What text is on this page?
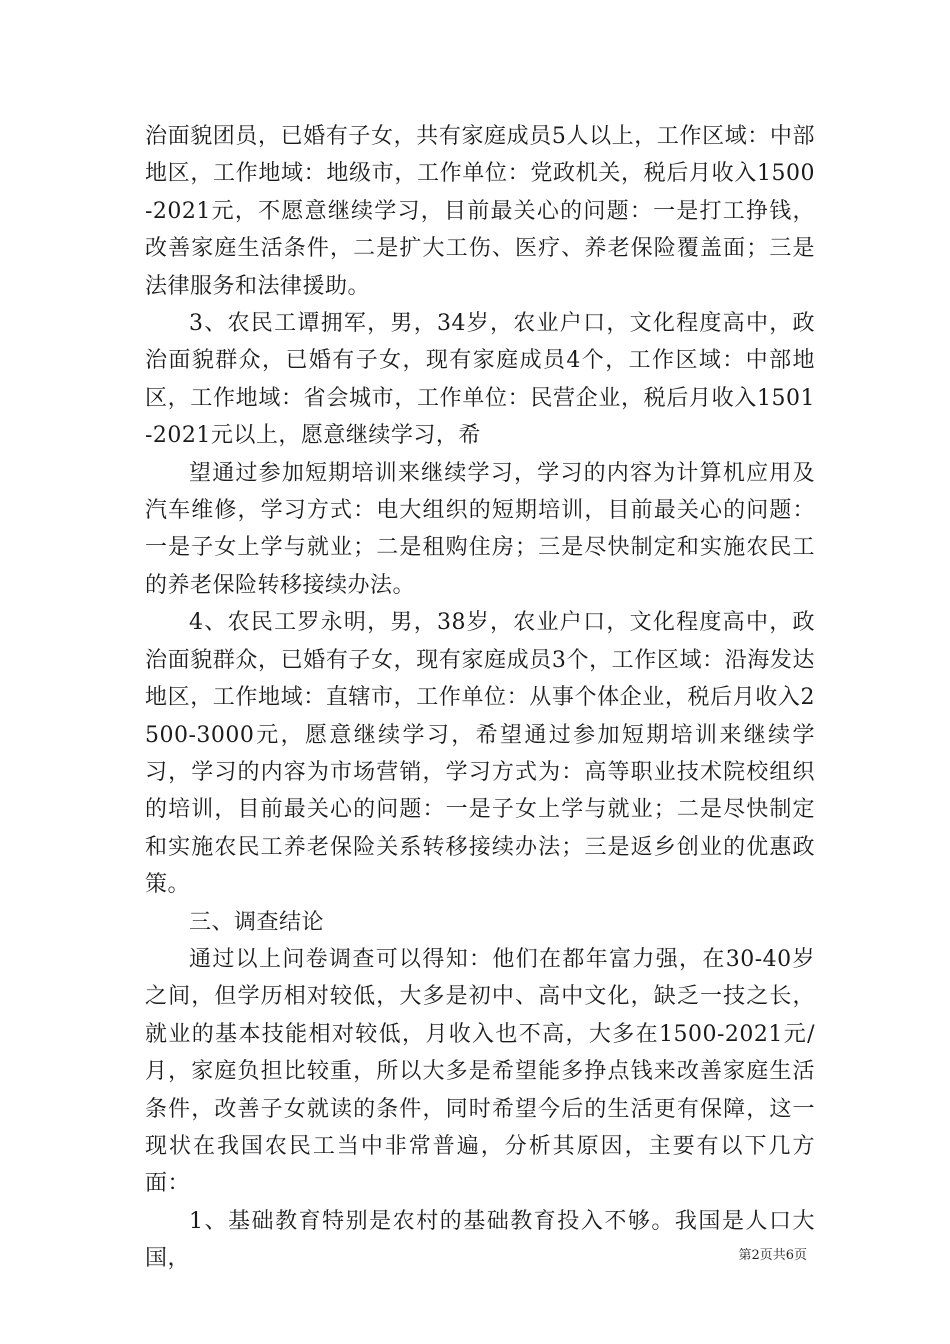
治面貌团员，已婚有子女，共有家庭成员5人以上，工作区域：中部地区，工作地域：地级市，工作单位：党政机关，税后月收入1500-2021元，不愿意继续学习，目前最关心的问题：一是打工挣钱，改善家庭生活条件，二是扩大工伤、医疗、养老保险覆盖面；三是法律服务和法律援助。

3、农民工谭拥军，男，34岁，农业户口，文化程度高中，政治面貌群众，已婚有子女，现有家庭成员4个，工作区域：中部地区，工作地域：省会城市，工作单位：民营企业，税后月收入1501-2021元以上，愿意继续学习，希

望通过参加短期培训来继续学习，学习的内容为计算机应用及汽车维修，学习方式：电大组织的短期培训，目前最关心的问题：一是子女上学与就业；二是租购住房；三是尽快制定和实施农民工的养老保险转移接续办法。

4、农民工罗永明，男，38岁，农业户口，文化程度高中，政治面貌群众，已婚有子女，现有家庭成员3个，工作区域：沿海发达地区，工作地域：直辖市，工作单位：从事个体企业，税后月收入2500-3000元，愿意继续学习，希望通过参加短期培训来继续学习，学习的内容为市场营销，学习方式为：高等职业技术院校组织的培训，目前最关心的问题：一是子女上学与就业；二是尽快制定和实施农民工养老保险关系转移接续办法；三是返乡创业的优惠政策。

三、调查结论

通过以上问卷调查可以得知：他们在都年富力强，在30-40岁之间，但学历相对较低，大多是初中、高中文化，缺乏一技之长，就业的基本技能相对较低，月收入也不高，大多在1500-2021元/月，家庭负担比较重，所以大多是希望能多挣点钱来改善家庭生活条件，改善子女就读的条件，同时希望今后的生活更有保障，这一现状在我国农民工当中非常普遍，分析其原因，主要有以下几方面：

1、基础教育特别是农村的基础教育投入不够。我国是人口大国，	第2页共6页
